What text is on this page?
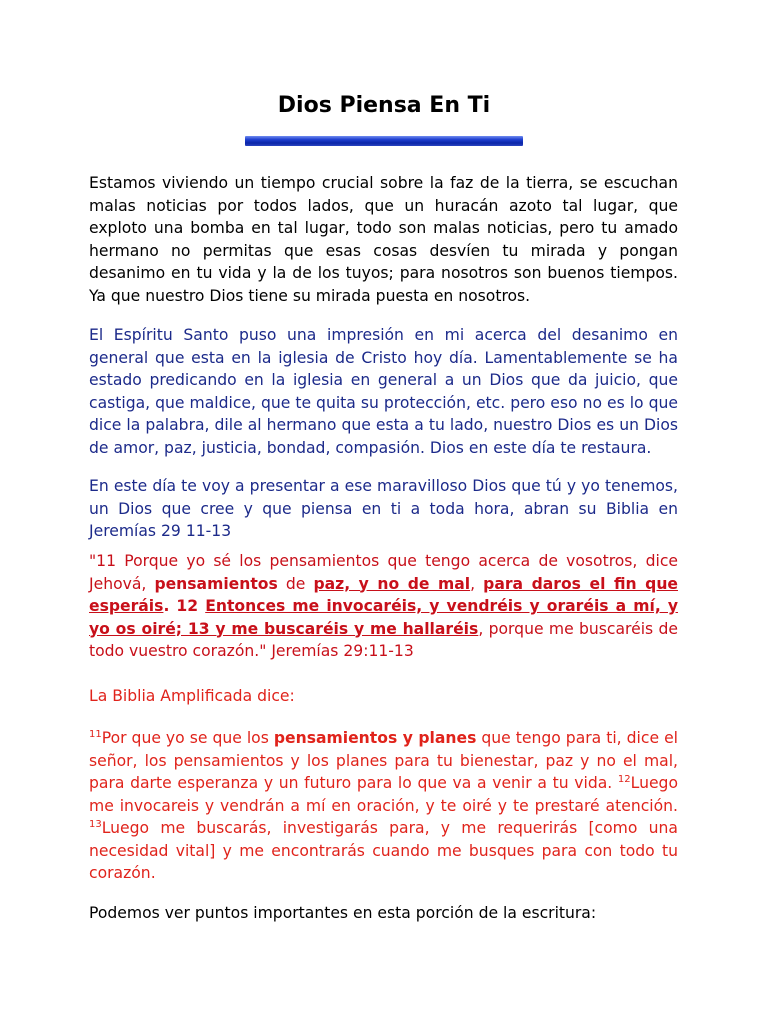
Dios Piensa En Ti

Estamos viviendo un tiempo crucial sobre la faz de la tierra, se escuchan malas noticias por todos lados, que un huracán azoto tal lugar, que exploto una bomba en tal lugar, todo son malas noticias, pero tu amado hermano no permitas que esas cosas desvíen tu mirada y pongan desanimo en tu vida y la de los tuyos; para nosotros son buenos tiempos. Ya que nuestro Dios tiene su mirada puesta en nosotros.

El Espíritu Santo puso una impresión en mi acerca del desanimo en general que esta en la iglesia de Cristo hoy día. Lamentablemente se ha estado predicando en la iglesia en general a un Dios que da juicio, que castiga, que maldice, que te quita su protección, etc. pero eso no es lo que dice la palabra, dile al hermano que esta a tu lado, nuestro Dios es un Dios de amor, paz, justicia, bondad, compasión. Dios en este día te restaura.

En este día te voy a presentar a ese maravilloso Dios que tú y yo tenemos, un Dios que cree y que piensa en ti a toda hora, abran su Biblia en Jeremías 29 11-13

"11 Porque yo sé los pensamientos que tengo acerca de vosotros, dice Jehová, pensamientos de paz, y no de mal, para daros el fin que esperáis. 12 Entonces me invocaréis, y vendréis y oraréis a mí, y yo os oiré; 13 y me buscaréis y me hallaréis, porque me buscaréis de todo vuestro corazón." Jeremías 29:11-13

La Biblia Amplificada dice:

$^{11}$Por que yo se que los pensamientos y planes que tengo para ti, dice el señor, los pensamientos y los planes para tu bienestar, paz y no el mal, para darte esperanza y un futuro para lo que va a venir a tu vida. $^{12}$Luego me invocareis y vendrán a mí en oración, y te oiré y te prestaré atención. $^{13}$Luego me buscarás, investigarás para, y me requerirás [como una necesidad vital] y me encontrarás cuando me busques para con todo tu corazón.

Podemos ver puntos importantes en esta porción de la escritura:
